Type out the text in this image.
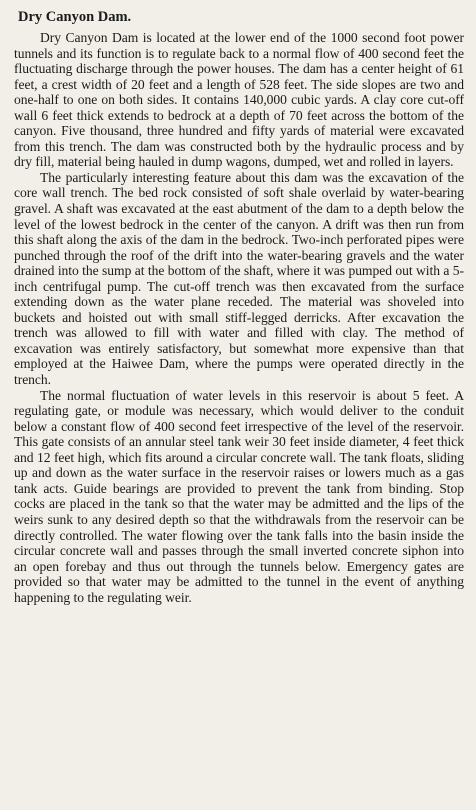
Dry Canyon Dam.

Dry Canyon Dam is located at the lower end of the 1000 second foot power tunnels and its function is to regulate back to a normal flow of 400 second feet the fluctuating discharge through the power houses. The dam has a center height of 61 feet, a crest width of 20 feet and a length of 528 feet. The side slopes are two and one-half to one on both sides. It contains 140,000 cubic yards. A clay core cut-off wall 6 feet thick extends to bedrock at a depth of 70 feet across the bottom of the canyon. Five thousand, three hundred and fifty yards of material were excavated from this trench. The dam was constructed both by the hydraulic process and by dry fill, material being hauled in dump wagons, dumped, wet and rolled in layers.

The particularly interesting feature about this dam was the excavation of the core wall trench. The bed rock consisted of soft shale overlaid by water-bearing gravel. A shaft was excavated at the east abutment of the dam to a depth below the level of the lowest bedrock in the center of the canyon. A drift was then run from this shaft along the axis of the dam in the bedrock. Two-inch perforated pipes were punched through the roof of the drift into the water-bearing gravels and the water drained into the sump at the bottom of the shaft, where it was pumped out with a 5-inch centrifugal pump. The cut-off trench was then excavated from the surface extending down as the water plane receded. The material was shoveled into buckets and hoisted out with small stiff-legged derricks. After excavation the trench was allowed to fill with water and filled with clay. The method of excavation was entirely satisfactory, but somewhat more expensive than that employed at the Haiwee Dam, where the pumps were operated directly in the trench.

The normal fluctuation of water levels in this reservoir is about 5 feet. A regulating gate, or module was necessary, which would deliver to the conduit below a constant flow of 400 second feet irrespective of the level of the reservoir. This gate consists of an annular steel tank weir 30 feet inside diameter, 4 feet thick and 12 feet high, which fits around a circular concrete wall. The tank floats, sliding up and down as the water surface in the reservoir raises or lowers much as a gas tank acts. Guide bearings are provided to prevent the tank from binding. Stop cocks are placed in the tank so that the water may be admitted and the lips of the weirs sunk to any desired depth so that the withdrawals from the reservoir can be directly controlled. The water flowing over the tank falls into the basin inside the circular concrete wall and passes through the small inverted concrete siphon into an open forebay and thus out through the tunnels below. Emergency gates are provided so that water may be admitted to the tunnel in the event of anything happening to the regulating weir.
